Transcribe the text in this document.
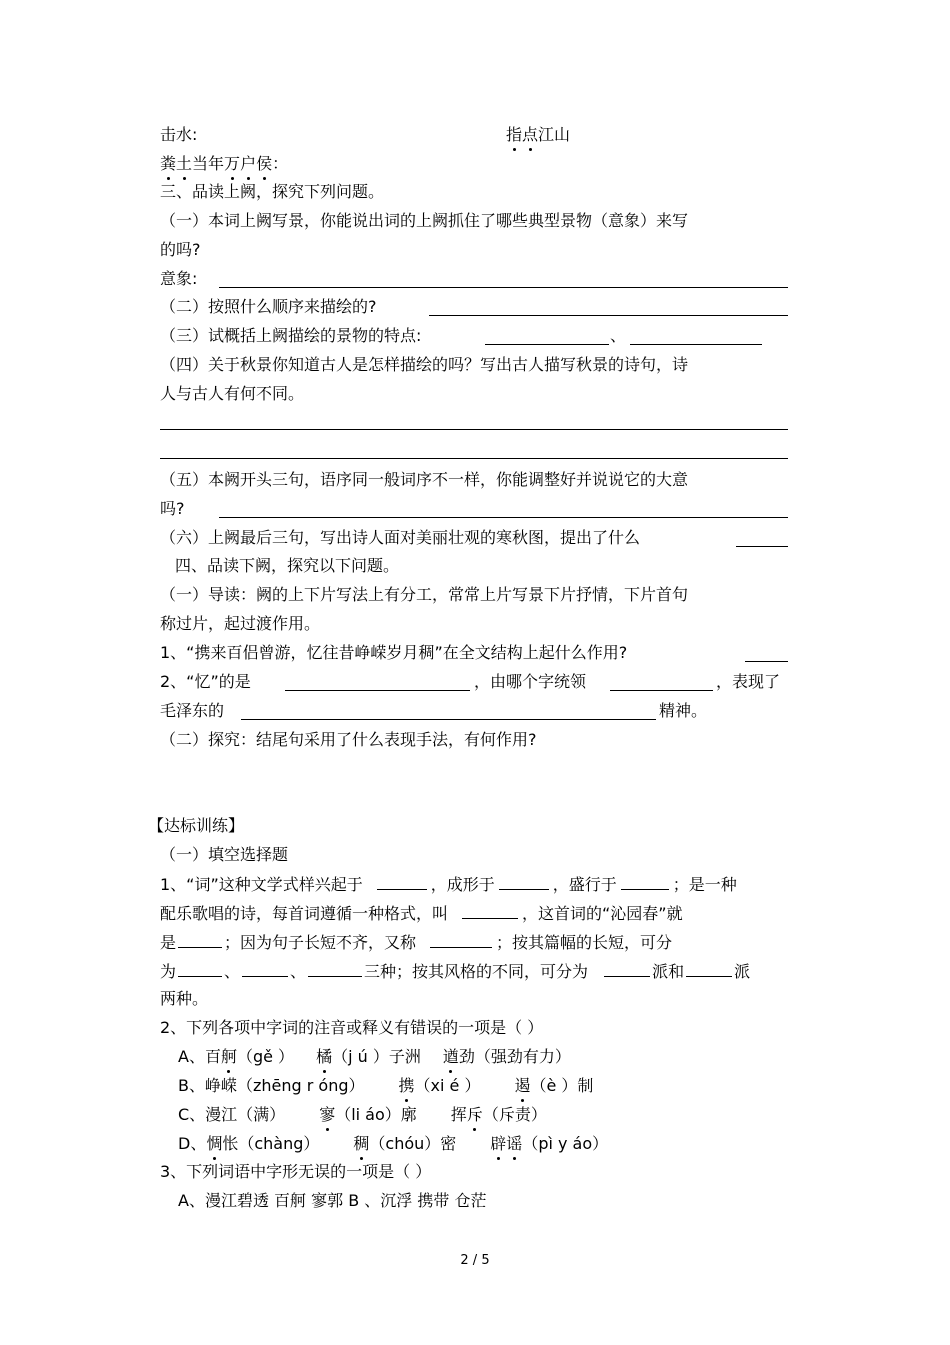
击水:	指点江山
粪土当年万户侯：
三、品读上阙，探究下列问题。
（一）本词上阙写景，你能说出词的上阙抓住了哪些典型景物（意象）来写
的吗?
意象:
（二）按照什么顺序来描绘的?
（三）试概括上阙描绘的景物的特点:	、
（四）关于秋景你知道古人是怎样描绘的吗？写出古人描写秋景的诗句，诗
人与古人有何不同。
（五）本阙开头三句，语序同一般词序不一样，你能调整好并说说它的大意
吗?
（六）上阙最后三句，写出诗人面对美丽壮观的寒秋图，提出了什么
四、品读下阙，探究以下问题。
（一）导读：阙的上下片写法上有分工，常常上片写景下片抒情，下片首句
称过片，起过渡作用。
1、“携来百侣曾游，忆往昔峥嵘岁月稠”在全文结构上起什么作用?
2、“忆”的是	，由哪个字统领	，表现了
毛泽东的	精神。
（二）探究：结尾句采用了什么表现手法，有何作用?
【达标训练】
（一）填空选择题
1、“词”这种文学式样兴起于	，成形于	，盛行于	；是一种
配乐歌唱的诗，每首词遵循一种格式，叫	，这首词的“沁园春”就
是	；因为句子长短不齐，又称	；按其篇幅的长短，可分
为	、	、	三种；按其风格的不同，可分为	派和	派
两种。
2、下列各项中字词的注音或释义有错误的一项是（ ）
A、百舸（gě ） 橘（j ú ）子洲 遒劲（强劲有力）
B、峥嵘（zhēng r óng） 携（xi é ） 遏（è ）制
C、漫江（满） 寥（li áo）廓 挥斥（斥责）
D、惆怅（chàng） 稠（chóu）密 辟谣（pì y áo）
3、下列词语中字形无误的一项是（ ）
A、漫江碧透 百舸 寥郭 B 、沉浮 携带 仓茫
2 / 5
